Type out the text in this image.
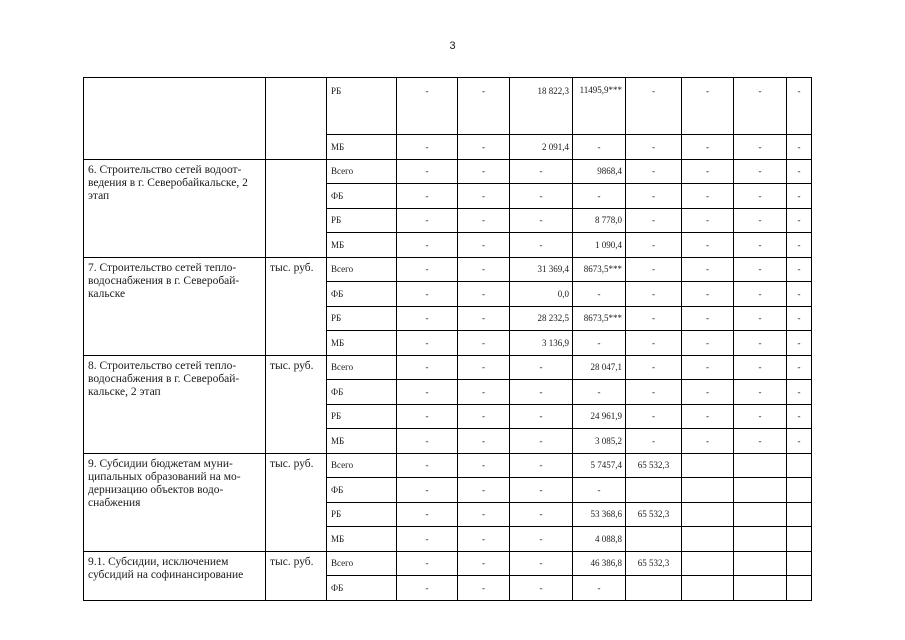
3
		РБ	-	-	18 822,3	11495,9***	-	-	-	-
		МБ	-	-	2 091,4	-	-	-	-	-
6. Строительство сетей водоот-ведения в г. Северобайкальске, 2 этап		Всего	-	-	-	9868,4	-	-	-	-
		ФБ	-	-	-	-	-	-	-	-
		РБ	-	-	-	8 778,0	-	-	-	-
		МБ	-	-	-	1 090,4	-	-	-	-
7. Строительство сетей тепло-водоснабжения в г. Северобай-кальске	тыс. руб.	Всего	-	-	31 369,4	8673,5***	-	-	-	-
		ФБ	-	-	0,0	-	-	-	-	-
		РБ	-	-	28 232,5	8673,5***	-	-	-	-
		МБ	-	-	3 136,9	-	-	-	-	-
8. Строительство сетей тепло-водоснабжения в г. Северобай-кальске, 2 этап	тыс. руб.	Всего	-	-	-	28 047,1	-	-	-	-
		ФБ	-	-	-	-	-	-	-	-
		РБ	-	-	-	24 961,9	-	-	-	-
		МБ	-	-	-	3 085,2	-	-	-	-
9. Субсидии бюджетам муни-ципальных образований на мо-дернизацию объектов водо-снабжения	тыс. руб.	Всего	-	-	-	5 7457,4	65 532,3			
		ФБ	-	-	-	-				
		РБ	-	-	-	53 368,6	65 532,3			
		МБ	-	-	-	4 088,8				
9.1. Субсидии, исключением субсидий на софинансирование	тыс. руб.	Всего	-	-	-	46 386,8	65 532,3			
		ФБ	-	-	-	-				
